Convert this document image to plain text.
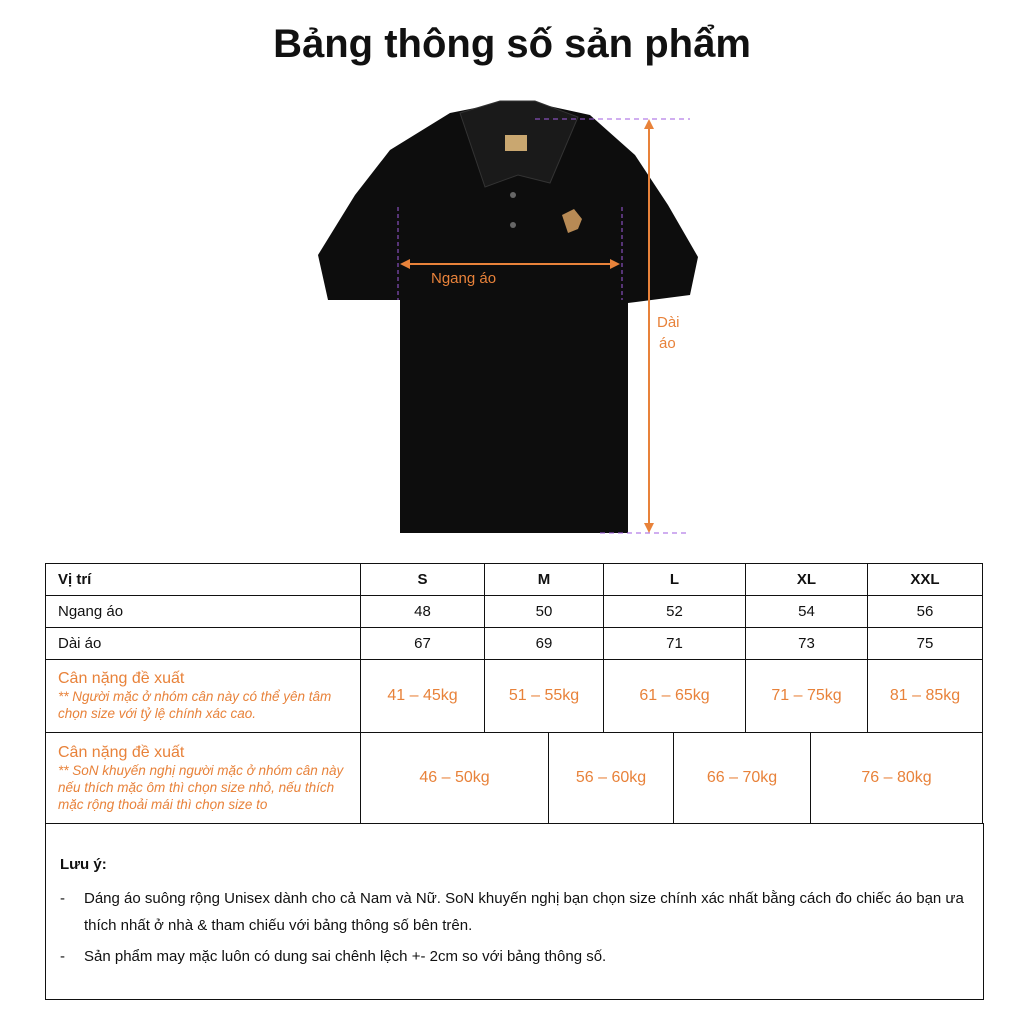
Bảng thông số sản phẩm
Ngang áo
Dài
áo
Vị trí	S	M	L	XL	XXL
Ngang áo	48	50	52	54	56
Dài áo	67	69	71	73	75
Cân nặng đề xuất
** Người mặc ở nhóm cân này có thể yên tâm chọn size với tỷ lệ chính xác cao.
41 – 45kg	51 – 55kg	61 – 65kg	71 – 75kg	81 – 85kg
Cân nặng đề xuất
** SoN khuyến nghị người mặc ở nhóm cân này nếu thích mặc ôm thì chọn size nhỏ, nếu thích mặc rộng thoải mái thì chọn size to
46 – 50kg	56 – 60kg	66 – 70kg	76 – 80kg
Lưu ý:
-	Dáng áo suông rộng Unisex dành cho cả Nam và Nữ. SoN khuyến nghị bạn chọn size chính xác nhất bằng cách đo chiếc áo bạn ưa thích nhất ở nhà & tham chiếu với bảng thông số bên trên.
-	Sản phẩm may mặc luôn có dung sai chênh lệch +- 2cm so với bảng thông số.
